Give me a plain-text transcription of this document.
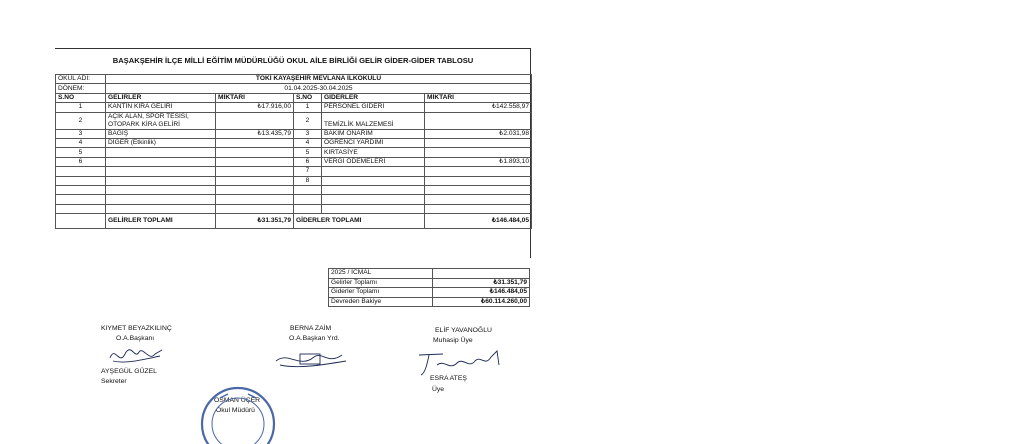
BAŞAKŞEHİR İLÇE MİLLİ EĞİTİM MÜDÜRLÜĞÜ OKUL AİLE BİRLİĞİ GELİR GİDER-GİDER TABLOSU
OKUL ADI:	TOKİ KAYAŞEHİR MEVLANA İLKOKULU				
DÖNEM:	01.04.2025-30.04.2025				
S.NO	GELİRLER	MİKTARI	S.NO	GİDERLER	MİKTARI
1	KANTİN KİRA GELİRİ	₺17.916,00	1	PERSONEL GİDERİ	₺142.558,97
2	AÇIK ALAN, SPOR TESİSİ, OTOPARK KİRA GELİRİ		2	TEMİZLİK MALZEMESİ	
3	BAĞIŞ	₺13.435,79	3	BAKIM ONARIM	₺2.031,98
4	DİĞER (Etkinlik)		4	ÖĞRENCİ YARDIMI	
5			5	KIRTASİYE	
6			6	VERGİ ÖDEMELERİ	₺1.893,10
			7		
			8		

	GELİRLER TOPLAMI	₺31.351,79	GİDERLER TOPLAMI		₺146.484,05
2025 / İCMAL	
Gelirler Toplamı	₺31.351,79
Giderler Toplamı	₺146.484,05
Devreden Bakiye	₺60.114.260,00
KIYMET BEYAZKILINÇ
O.A.Başkanı
BERNA ZAİM
O.A.Başkan Yrd.
ELİF YAVANOĞLU
Muhasip Üye
AYŞEGÜL GÜZEL
Sekreter	ESRA ATEŞ
Üye
OSMAN ÜÇER
Okul Müdürü
